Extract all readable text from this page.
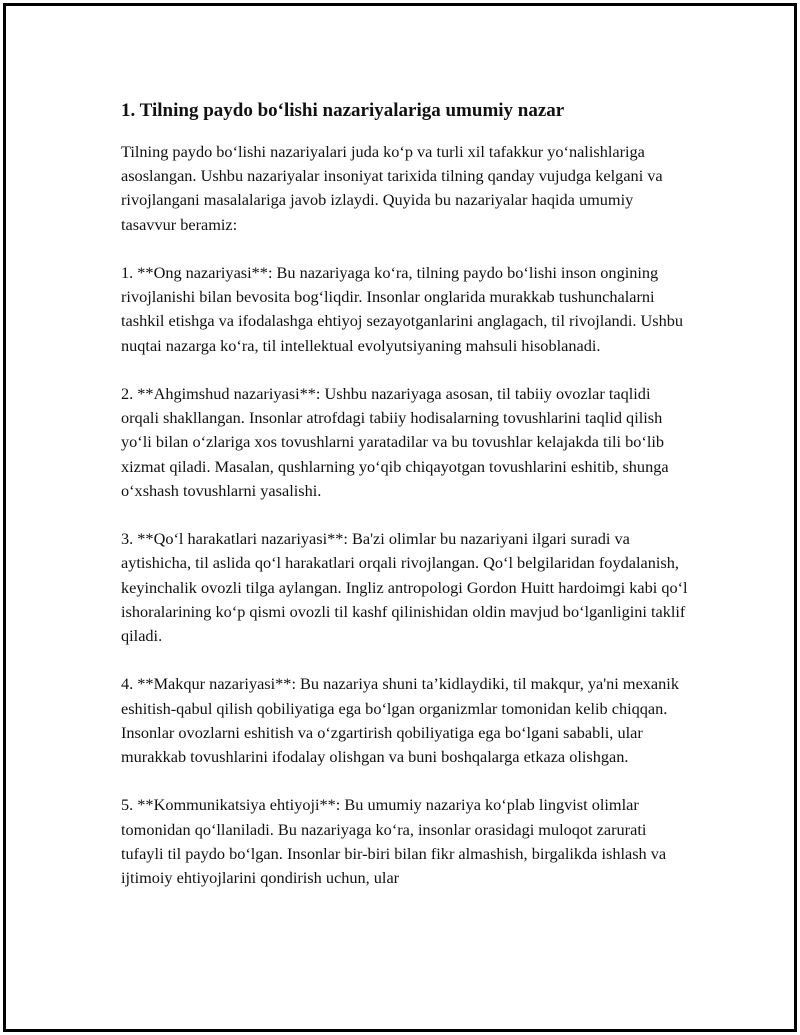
1. Tilning paydo bo‘lishi nazariyalariga umumiy nazar

Tilning paydo bo‘lishi nazariyalari juda ko‘p va turli xil tafakkur yo‘nalishlariga asoslangan. Ushbu nazariyalar insoniyat tarixida tilning qanday vujudga kelgani va rivojlangani masalalariga javob izlaydi. Quyida bu nazariyalar haqida umumiy tasavvur beramiz:

1. **Ong nazariyasi**: Bu nazariyaga ko‘ra, tilning paydo bo‘lishi inson ongining rivojlanishi bilan bevosita bog‘liqdir. Insonlar onglarida murakkab tushunchalarni tashkil etishga va ifodalashga ehtiyoj sezayotganlarini anglagach, til rivojlandi. Ushbu nuqtai nazarga ko‘ra, til intellektual evolyutsiyaning mahsuli hisoblanadi.

2. **Ahgimshud nazariyasi**: Ushbu nazariyaga asosan, til tabiiy ovozlar taqlidi orqali shakllangan. Insonlar atrofdagi tabiiy hodisalarning tovushlarini taqlid qilish yo‘li bilan o‘zlariga xos tovushlarni yaratadilar va bu tovushlar kelajakda tili bo‘lib xizmat qiladi. Masalan, qushlarning yo‘qib chiqayotgan tovushlarini eshitib, shunga o‘xshash tovushlarni yasalishi.

3. **Qo‘l harakatlari nazariyasi**: Ba'zi olimlar bu nazariyani ilgari suradi va aytishicha, til aslida qo‘l harakatlari orqali rivojlangan. Qo‘l belgilaridan foydalanish, keyinchalik ovozli tilga aylangan. Ingliz antropologi Gordon Huitt hardoimgi kabi qo‘l ishoralarining ko‘p qismi ovozli til kashf qilinishidan oldin mavjud bo‘lganligini taklif qiladi.

4. **Makqur nazariyasi**: Bu nazariya shuni ta’kidlaydiki, til makqur, ya'ni mexanik eshitish-qabul qilish qobiliyatiga ega bo‘lgan organizmlar tomonidan kelib chiqqan. Insonlar ovozlarni eshitish va o‘zgartirish qobiliyatiga ega bo‘lgani sababli, ular murakkab tovushlarini ifodalay olishgan va buni boshqalarga etkaza olishgan.

5. **Kommunikatsiya ehtiyoji**: Bu umumiy nazariya ko‘plab lingvist olimlar tomonidan qo‘llaniladi. Bu nazariyaga ko‘ra, insonlar orasidagi muloqot zarurati tufayli til paydo bo‘lgan. Insonlar bir-biri bilan fikr almashish, birgalikda ishlash va ijtimoiy ehtiyojlarini qondirish uchun, ular
